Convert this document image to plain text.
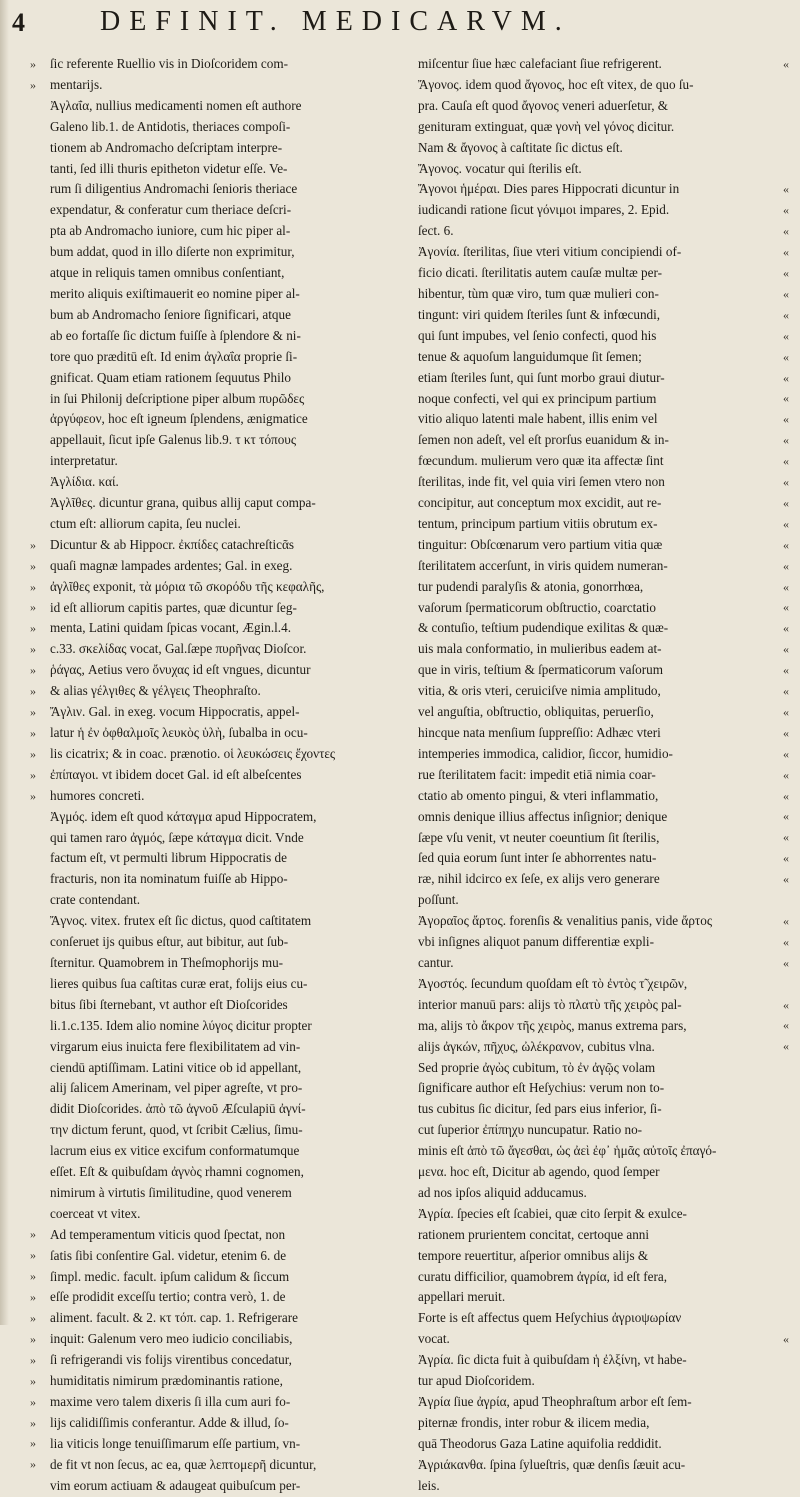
4	DEFINIT. MEDICARVM.
ſic referente Ruellio vis in Dioſcoridem com-
mentarijs.
Ἀγλαΐα, nullius medicamenti nomen eſt authore
Galeno lib.1. de Antidotis, theriaces compoſi-
tionem ab Andromacho deſcriptam interpre-
tanti, ſed illi thuris epitheton videtur eſſe. Ve-
rum ſi diligentius Andromachi ſenioris theriace
expendatur, & conferatur cum theriace deſcri-
pta ab Andromacho iuniore, cum hic piper al-
bum addat, quod in illo diſerte non exprimitur,
atque in reliquis tamen omnibus conſentiant,
merito aliquis exiſtimauerit eo nomine piper al-
bum ab Andromacho ſeniore ſignificari, atque
ab eo fortaſſe ſic dictum fuiſſe à ſplendore & ni-
tore quo præditū eſt. Id enim ἀγλαΐα proprie ſi-
gnificat. Quam etiam rationem ſequutus Philo
in ſui Philonij deſcriptione piper album πυρῶδες
ἀργύφεον, hoc eſt igneum ſplendens, ænigmatice
appellauit, ſicut ipſe Galenus lib.9. τ κτ τόπους
interpretatur.
Ἀγλίδια. καί.
Ἀγλῖθες. dicuntur grana, quibus allij caput compa-
ctum eſt: alliorum capita, ſeu nuclei.
Dicuntur & ab Hippocr. ἐκπίδες catachreſticᾶs
quaſi magnæ lampades ardentes; Gal. in exeg.
ἀγλῖθες exponit, τὰ μόρια τῶ σκορόδυ τῆς κεφαλῆς,
id eſt alliorum capitis partes, quæ dicuntur ſeg-
menta, Latini quidam ſpicas vocant, Ægin.l.4.
c.33. σκελίδας vocat, Gal.ſæpe πυρῆνας Dioſcor.
ῥάγας, Aetius vero ὄνυχας id eſt vngues, dicuntur
& alias γέλγιθες & γέλγεις Theophraſto.
Ἄγλιν. Gal. in exeg. vocum Hippocratis, appel-
latur ἡ ἐν ὀφθαλμοῖς λευκὸς ὑλὴ, ſubalba in ocu-
lis cicatrix; & in coac. prænotio. οἱ λευκώσεις ἔχοντες
ἐπίπαγοι. vt ibidem docet Gal. id eſt albeſcentes
humores concreti.
Ἀγμός. idem eſt quod κάταγμα apud Hippocratem,
qui tamen raro ἀγμός, ſæpe κάταγμα dicit. Vnde
factum eſt, vt permulti librum Hippocratis de
fracturis, non ita nominatum fuiſſe ab Hippo-
crate contendant.
Ἄγνος. vitex. frutex eſt ſic dictus, quod caſtitatem
conſeruet ijs quibus eſtur, aut bibitur, aut ſub-
ſternitur. Quamobrem in Theſmophorijs mu-
lieres quibus ſua caſtitas curæ erat, folijs eius cu-
bitus ſibi ſternebant, vt author eſt Dioſcorides
li.1.c.135. Idem alio nomine λύγος dicitur propter
virgarum eius inuicta fere flexibilitatem ad vin-
ciendū aptiſſimam. Latini vitice ob id appellant,
alij ſalicem Amerinam, vel piper agreſte, vt pro-
didit Dioſcorides. ἀπὸ τῶ ἁγνοῦ Æſculapiū ἀγνί-
την dictum ferunt, quod, vt ſcribit Cælius, ſimu-
lacrum eius ex vitice excifum conformatumque
eſſet. Eſt & quibuſdam ἀγνὸς rhamni cognomen,
nimirum à virtutis ſimilitudine, quod venerem
coerceat vt vitex.
Ad temperamentum viticis quod ſpectat, non
ſatis ſibi conſentire Gal. videtur, etenim 6. de
ſimpl. medic. facult. ipſum calidum & ſiccum
eſſe prodidit exceſſu tertio; contra verò, 1. de
aliment. facult. & 2. κτ τόπ. cap. 1. Refrigerare
inquit: Galenum vero meo iudicio conciliabis,
ſi refrigerandi vis folijs virentibus concedatur,
humiditatis nimirum prædominantis ratione,
maxime vero talem dixeris ſi illa cum auri fo-
lijs calidiſſimis conferantur. Adde & illud, ſo-
lia viticis longe tenuiſſimarum eſſe partium, vn-
de fit vt non ſecus, ac ea, quæ λεπτομερῆ dicuntur,
vim eorum actiuam & adaugeat quibuſcum per-
miſcentur ſiue hæc calefaciant ſiue refrigerent.
Ἄγονος. idem quod ἄγονος, hoc eſt vitex, de quo ſu-
pra. Cauſa eſt quod ἄγονος veneri aduerſetur, &
genituram extinguat, quæ γονὴ vel γόνος dicitur.
Nam & ἄγονος à caſtitate ſic dictus eſt.
Ἄγονος. vocatur qui ſterilis eſt.
Ἄγονοι ἡμέραι. Dies pares Hippocrati dicuntur in
iudicandi ratione ſicut γόνιμοι impares, 2. Epid.
ſect. 6.
Ἀγονία. ſterilitas, ſiue vteri vitium concipiendi of-
ficio dicati. ſterilitatis autem cauſæ multæ per-
hibentur, tùm quæ viro, tum quæ mulieri con-
tingunt: viri quidem ſteriles ſunt & infœcundi,
qui ſunt impubes, vel ſenio confecti, quod his
tenue & aquoſum languidumque ſit ſemen;
etiam ſteriles ſunt, qui ſunt morbo graui diutur-
noque confecti, vel qui ex principum partium
vitio aliquo latenti male habent, illis enim vel
ſemen non adeſt, vel eſt prorſus euanidum & in-
fœcundum. mulierum vero quæ ita affectæ ſint
ſterilitas, inde fit, vel quia viri ſemen vtero non
concipitur, aut conceptum mox excidit, aut re-
tentum, principum partium vitiis obrutum ex-
tinguitur: Obſcœnarum vero partium vitia quæ
ſterilitatem accerſunt, in viris quidem numeran-
tur pudendi paralyſis & atonia, gonorrhœa,
vaſorum ſpermaticorum obſtructio, coarctatio
& contuſio, teſtium pudendique exilitas & quæ-
uis mala conformatio, in mulieribus eadem at-
que in viris, teſtium & ſpermaticorum vaſorum
vitia, & oris vteri, ceruiciſve nimia amplitudo,
vel anguſtia, obſtructio, obliquitas, peruerſio,
hincque nata menſium ſuppreſſio: Adhæc vteri
intemperies immodica, calidior, ſiccor, humidio-
rue ſterilitatem facit: impedit etiā nimia coar-
ctatio ab omento pingui, & vteri inflammatio,
omnis denique illius affectus inſignior; denique
ſæpe vſu venit, vt neuter coeuntium ſit ſterilis,
ſed quia eorum ſunt inter ſe abhorrentes natu-
ræ, nihil idcirco ex ſeſe, ex alijs vero generare
poſſunt.
Ἀγοραῖος ἄρτος. forenſis & venalitius panis, vide ἄρτος
vbi inſignes aliquot panum differentiæ expli-
cantur.
Ἀγοστός. ſecundum quoſdam eſt τὸ ἐντὸς τ̃ χειρῶν,
interior manuū pars: alijs τὸ πλατὺ τῆς χειρὸς pal-
ma, alijs τὸ ἄκρον τῆς χειρὸς, manus extrema pars,
alijs ἀγκών, πῆχυς, ὠλέκρανον, cubitus vlna.
Sed proprie ἀγὼς cubitum, τὸ ἐν ἀγῷς volam
ſignificare author eſt Heſychius: verum non to-
tus cubitus ſic dicitur, ſed pars eius inferior, ſi-
cut ſuperior ἐπίπηχυ nuncupatur. Ratio no-
minis eſt ἀπὸ τῶ ἄγεσθαι, ὡς ἀεὶ ἐφ᾽ ἡμᾶς αὐτοῖς ἐπαγό-
μενα. hoc eſt, Dicitur ab agendo, quod ſemper
ad nos ipſos aliquid adducamus.
Ἀγρία. ſpecies eſt ſcabiei, quæ cito ſerpit & exulce-
rationem prurientem concitat, certoque anni
tempore reuertitur, aſperior omnibus alijs &
curatu difficilior, quamobrem ἀγρία, id eſt fera,
appellari meruit.
Forte is eſt affectus quem Heſychius ἀγριοψωρίαν
vocat.
Ἀγρία. ſic dicta fuit à quibuſdam ἡ ἐλξίνη, vt habe-
tur apud Dioſcoridem.
Ἀγρία ſiue ἀγρία, apud Theophraſtum arbor eſt ſem-
piternæ frondis, inter robur & ilicem media,
quā Theodorus Gaza Latine aquifolia reddidit.
Ἀγριάκανθα. ſpina ſylueſtris, quæ denſis ſæuit acu-
leis.
»
»
»
»
»
»
»
»
»
»
»
»
»
»
»
»
»
»
»
»
»
»
»
»
»
»
»
«
«
«
«
«
«
«
«
«
«
«
«
«
«
«
«
«
«
«
«
«
«
«
«
«
«
«
«
«
«
«
«
«
«
«
«
«
«
«
«
«
«
